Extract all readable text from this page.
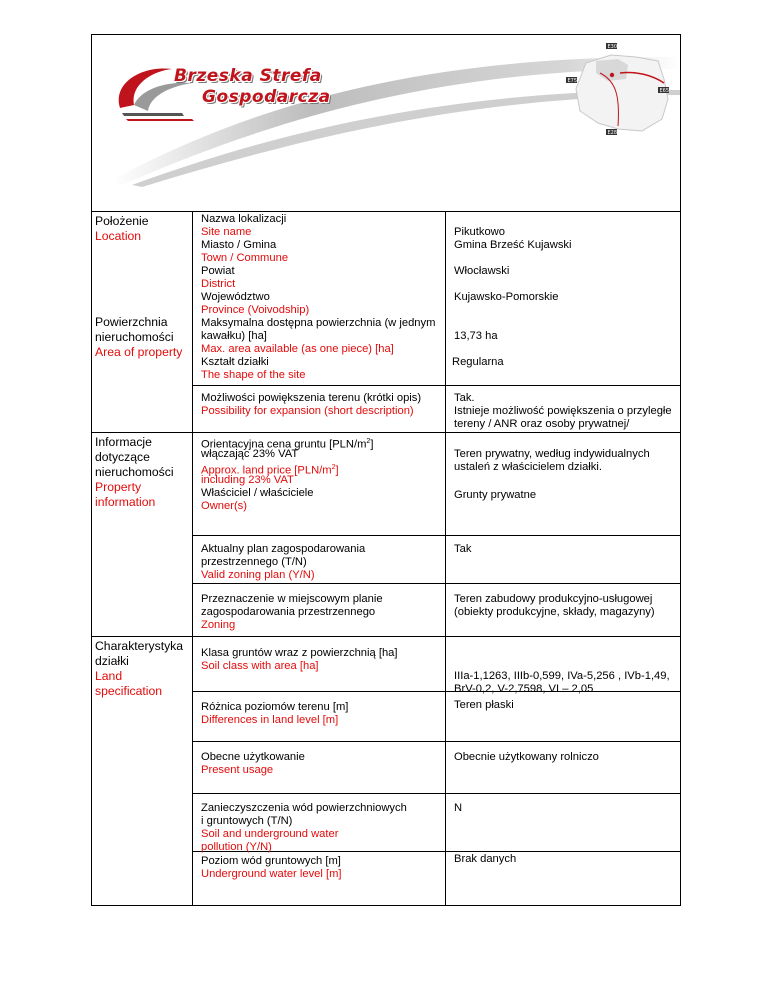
Brzeska Strefa
Gospodarcza
E30
E75
E65
E28
Położenie
Location
Powierzchnia
nieruchomości
Area of property
Informacje
dotyczące
nieruchomości
Property
information
Charakterystyka
działki
Land
specification
Nazwa lokalizacji
Site name
Miasto / Gmina
Town / Commune
Powiat
District
Województwo
Province (Voivodship)
Maksymalna dostępna powierzchnia (w jednym
kawałku) [ha]
Max. area available (as one piece) [ha]
Kształt działki
The shape of the site
Możliwości powiększenia terenu (krótki opis)
Possibility for expansion (short description)
Orientacyjna cena gruntu $[PLN/m^2]$
włączając 23% VAT
Approx. land price $[PLN/m^2]$
including 23% VAT
Właściciel / właściciele
Owner(s)
Aktualny plan zagospodarowania
przestrzennego (T/N)
Valid zoning plan (Y/N)
Przeznaczenie w miejscowym planie
zagospodarowania przestrzennego
Zoning
Klasa gruntów wraz z powierzchnią [ha]
Soil class with area [ha]
Różnica poziomów terenu [m]
Differences in land level [m]
Obecne użytkowanie
Present usage
Zanieczyszczenia wód powierzchniowych
i gruntowych (T/N)
Soil and underground water
pollution (Y/N)
Poziom wód gruntowych [m]
Underground water level [m]
Pikutkowo
Gmina Brześć Kujawski
Włocławski
Kujawsko-Pomorskie
13,73 ha
Regularna
Tak.
Istnieje możliwość powiększenia o przyległe
tereny / ANR oraz osoby prywatnej/
Teren prywatny, według indywidualnych
ustaleń z właścicielem działki.
Grunty prywatne
Tak
Teren zabudowy produkcyjno-usługowej
(obiekty produkcyjne, składy, magazyny)
IIIa-1,1263, IIIb-0,599, IVa-5,256 , IVb-1,49,
BrV-0,2, V-2,7598, VI – 2,05
Teren płaski
Obecnie użytkowany rolniczo
N
Brak danych
